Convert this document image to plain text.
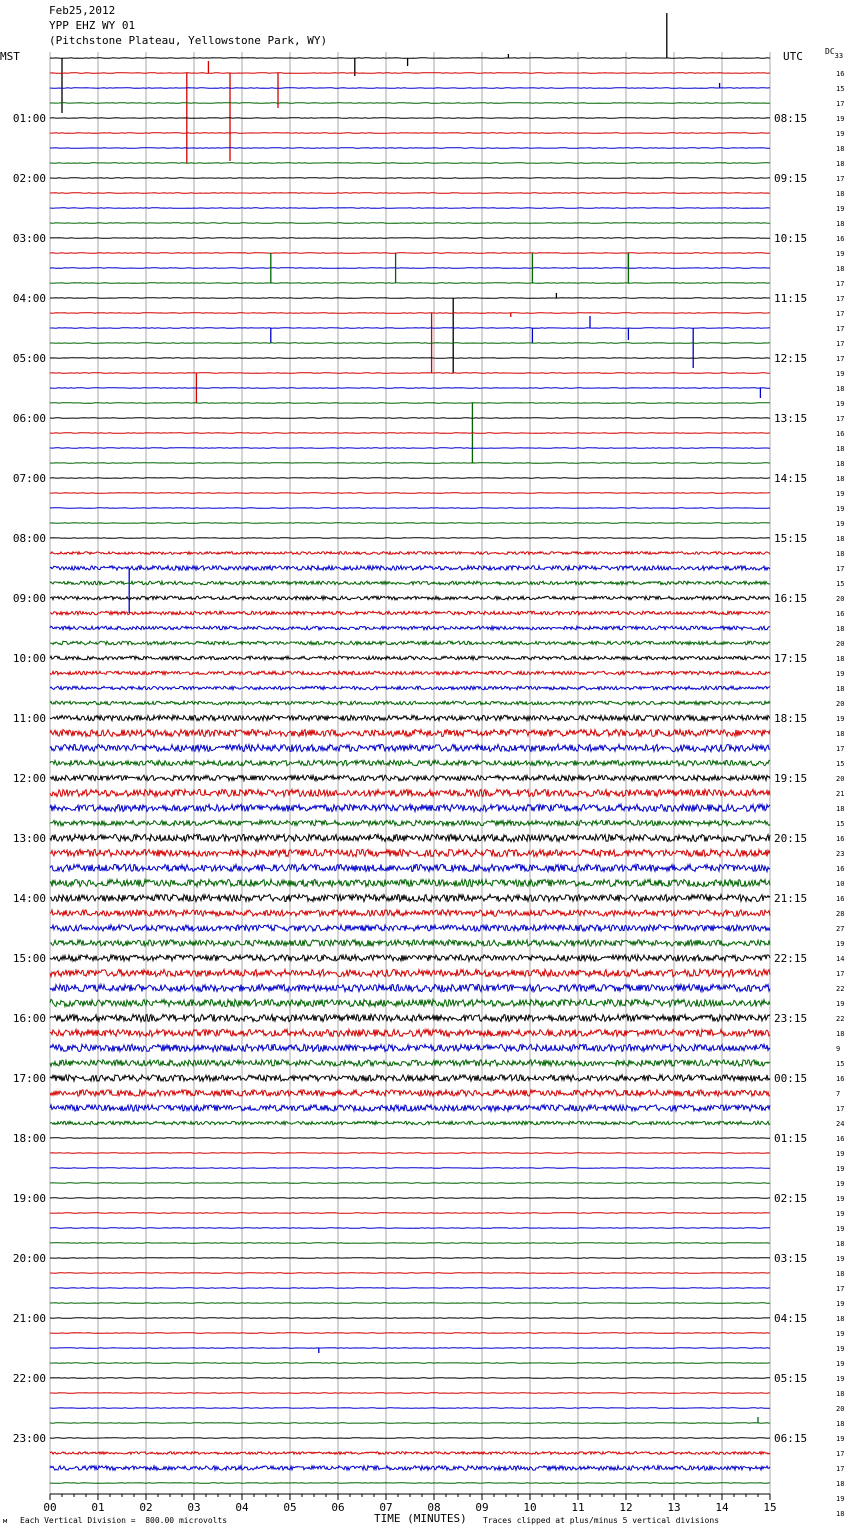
Feb25,2012
YPP EHZ WY 01
(Pitchstone Plateau, Yellowstone Park, WY)
MST	UTC	DC33
01:00
02:00
03:00
04:00
05:00
06:00
07:00
08:00
09:00
10:00
11:00
12:00
13:00
14:00
15:00
16:00
17:00
18:00
19:00
20:00
21:00
22:00
23:00
08:15
09:15
10:15
11:15
12:15
13:15
14:15
15:15
16:15
17:15
18:15
19:15
20:15
21:15
22:15
23:15
00:15
01:15
02:15
03:15
04:15
05:15
06:15
16
15
17
19
19
18
18
17
18
19
18
16
19
18
17
17
17
17
17
17
19
18
19
17
16
18
18
18
19
19
19
18
18
17
15
20
16
18
20
18
19
18
20
19
18
17
15
20
21
18
15
16
23
16
10
16
28
27
19
14
17
22
19
22
18
9
15
16
7
17
24
16
19
19
19
19
19
19
18
19
18
17
19
18
19
19
19
19
18
20
18
19
17
17
18
19
18
00	01	02	03	04	05	06	07	08	09	10	11	12	13	14	15
TIME (MINUTES)
м Each Vertical Division =  800.00 microvolts	Traces clipped at plus/minus 5 vertical divisions
